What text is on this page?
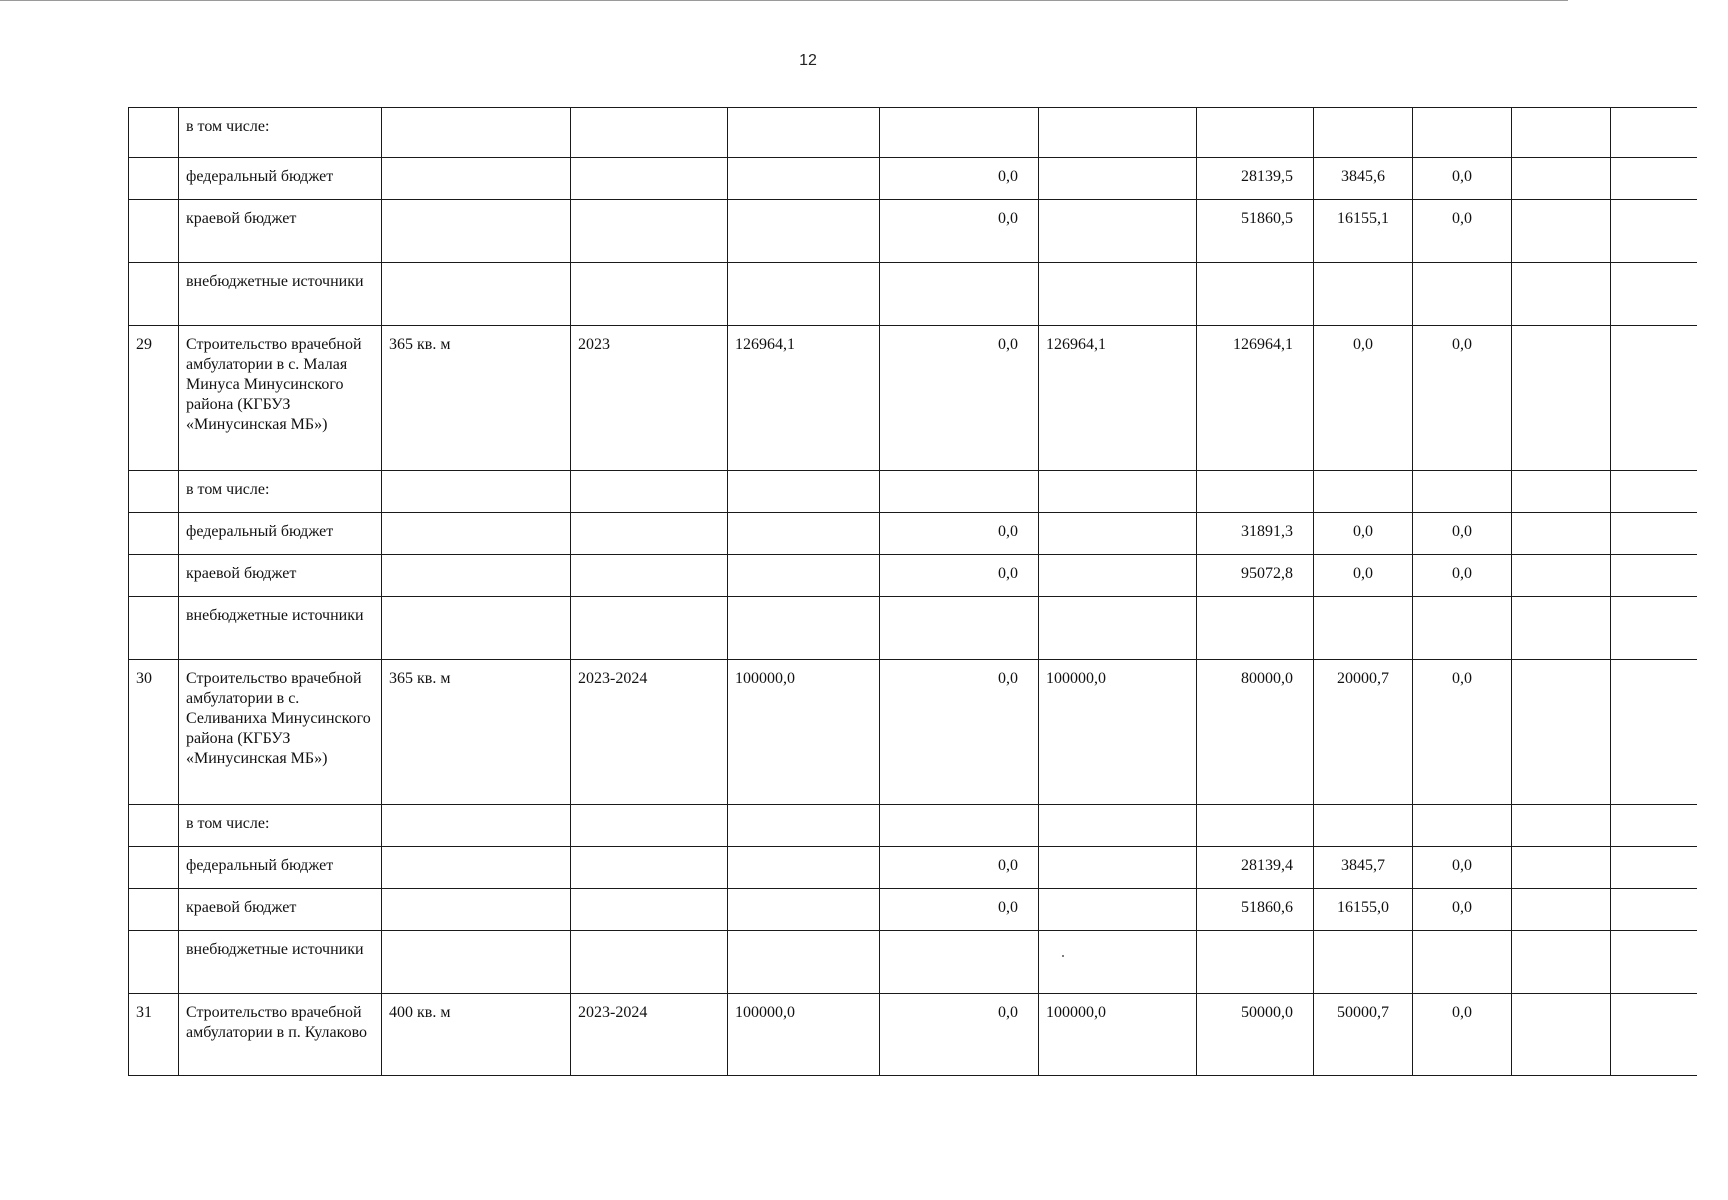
12
	в том числе:										
	федеральный бюджет				0,0		28139,5	3845,6	0,0		
	краевой бюджет				0,0		51860,5	16155,1	0,0		
	внебюджетные источники										
29	Строительство врачебной амбулатории в с. Малая Минуса Минусинского района (КГБУЗ «Минусинская МБ»)	365 кв. м	2023	126964,1	0,0	126964,1	126964,1	0,0	0,0		
	в том числе:										
	федеральный бюджет				0,0		31891,3	0,0	0,0		
	краевой бюджет				0,0		95072,8	0,0	0,0		
	внебюджетные источники										
30	Строительство врачебной амбулатории в с. Селиваниха Минусинского района (КГБУЗ «Минусинская МБ»)	365 кв. м	2023-2024	100000,0	0,0	100000,0	80000,0	20000,7	0,0		
	в том числе:										
	федеральный бюджет				0,0		28139,4	3845,7	0,0		
	краевой бюджет				0,0		51860,6	16155,0	0,0		
	внебюджетные источники										
31	Строительство врачебной амбулатории в п. Кулаково	400 кв. м	2023-2024	100000,0	0,0	100000,0	50000,0	50000,7	0,0		
